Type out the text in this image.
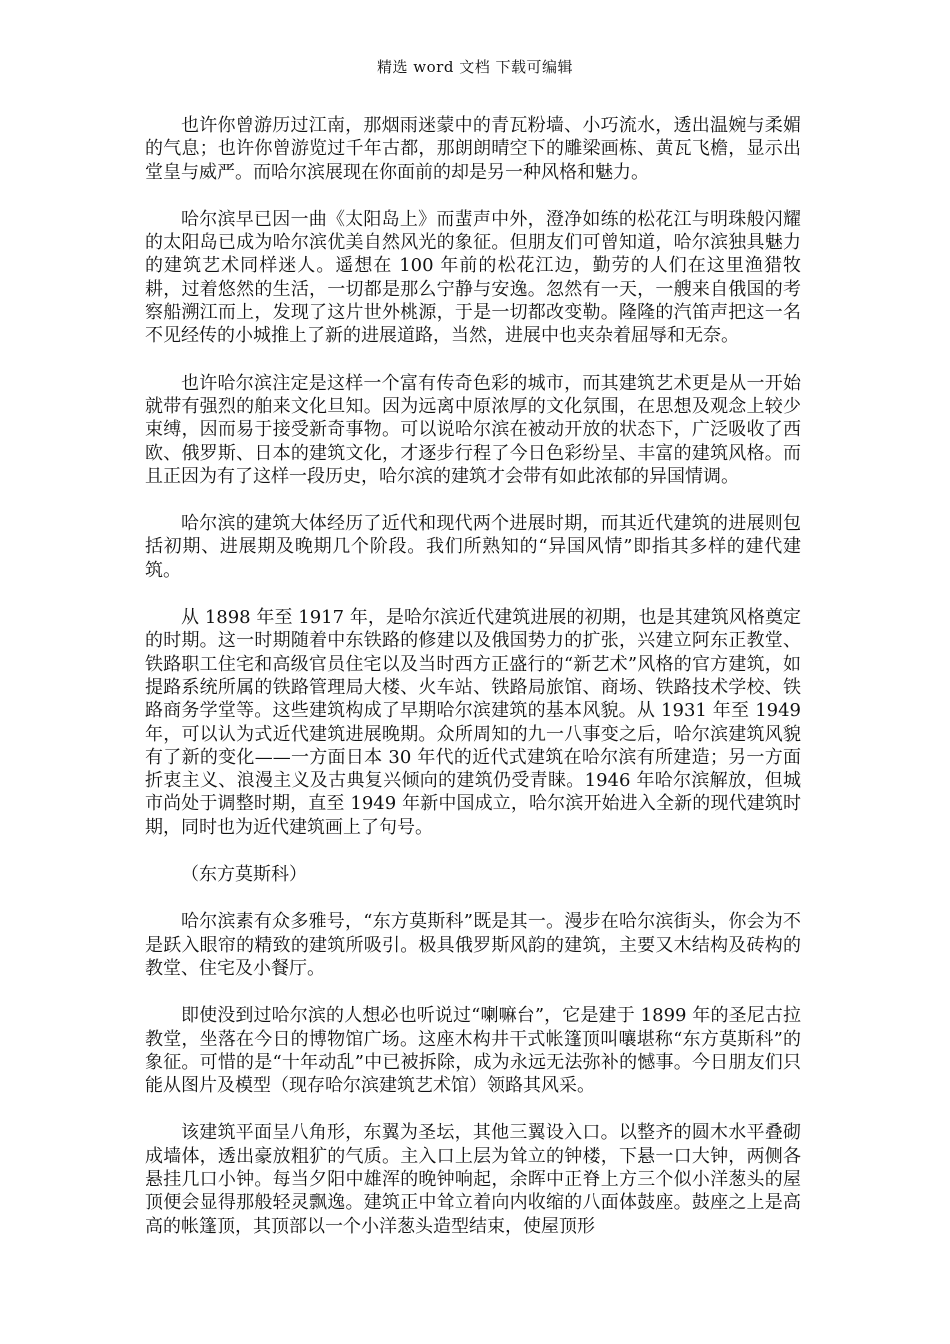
精选 word 文档 下载可编辑

也许你曾游历过江南，那烟雨迷蒙中的青瓦粉墙、小巧流水，透出温婉与柔媚的气息；也许你曾游览过千年古都，那朗朗晴空下的雕梁画栋、黄瓦飞檐，显示出堂皇与威严。而哈尔滨展现在你面前的却是另一种风格和魅力。

哈尔滨早已因一曲《太阳岛上》而蜚声中外，澄净如练的松花江与明珠般闪耀的太阳岛已成为哈尔滨优美自然风光的象征。但朋友们可曾知道，哈尔滨独具魅力的建筑艺术同样迷人。遥想在 100 年前的松花江边，勤劳的人们在这里渔猎牧耕，过着悠然的生活，一切都是那么宁静与安逸。忽然有一天，一艘来自俄国的考察船溯江而上，发现了这片世外桃源，于是一切都改变勒。隆隆的汽笛声把这一名不见经传的小城推上了新的进展道路，当然，进展中也夹杂着屈辱和无奈。

也许哈尔滨注定是这样一个富有传奇色彩的城市，而其建筑艺术更是从一开始就带有强烈的舶来文化旦知。因为远离中原浓厚的文化氛围，在思想及观念上较少束缚，因而易于接受新奇事物。可以说哈尔滨在被动开放的状态下，广泛吸收了西欧、俄罗斯、日本的建筑文化，才逐步行程了今日色彩纷呈、丰富的建筑风格。而且正因为有了这样一段历史，哈尔滨的建筑才会带有如此浓郁的异国情调。

哈尔滨的建筑大体经历了近代和现代两个进展时期，而其近代建筑的进展则包括初期、进展期及晚期几个阶段。我们所熟知的“异国风情”即指其多样的建代建筑。

从 1898 年至 1917 年，是哈尔滨近代建筑进展的初期，也是其建筑风格奠定的时期。这一时期随着中东铁路的修建以及俄国势力的扩张，兴建立阿东正教堂、铁路职工住宅和高级官员住宅以及当时西方正盛行的“新艺术”风格的官方建筑，如提路系统所属的铁路管理局大楼、火车站、铁路局旅馆、商场、铁路技术学校、铁路商务学堂等。这些建筑构成了早期哈尔滨建筑的基本风貌。从 1931 年至 1949 年，可以认为式近代建筑进展晚期。众所周知的九一八事变之后，哈尔滨建筑风貌有了新的变化——一方面日本 30 年代的近代式建筑在哈尔滨有所建造；另一方面折衷主义、浪漫主义及古典复兴倾向的建筑仍受青睐。1946 年哈尔滨解放，但城市尚处于调整时期，直至 1949 年新中国成立，哈尔滨开始进入全新的现代建筑时期，同时也为近代建筑画上了句号。

（东方莫斯科）

哈尔滨素有众多雅号，“东方莫斯科”既是其一。漫步在哈尔滨街头，你会为不是跃入眼帘的精致的建筑所吸引。极具俄罗斯风韵的建筑，主要又木结构及砖构的教堂、住宅及小餐厅。

即使没到过哈尔滨的人想必也听说过“喇嘛台”，它是建于 1899 年的圣尼古拉教堂，坐落在今日的博物馆广场。这座木构井干式帐篷顶叫嚷堪称“东方莫斯科”的象征。可惜的是“十年动乱”中已被拆除，成为永远无法弥补的憾事。今日朋友们只能从图片及模型（现存哈尔滨建筑艺术馆）领路其风采。

该建筑平面呈八角形，东翼为圣坛，其他三翼设入口。以整齐的圆木水平叠砌成墙体，透出豪放粗犷的气质。主入口上层为耸立的钟楼，下悬一口大钟，两侧各悬挂几口小钟。每当夕阳中雄浑的晚钟响起，余晖中正脊上方三个似小洋葱头的屋顶便会显得那般轻灵飘逸。建筑正中耸立着向内收缩的八面体鼓座。鼓座之上是高高的帐篷顶，其顶部以一个小洋葱头造型结束，使屋顶形
